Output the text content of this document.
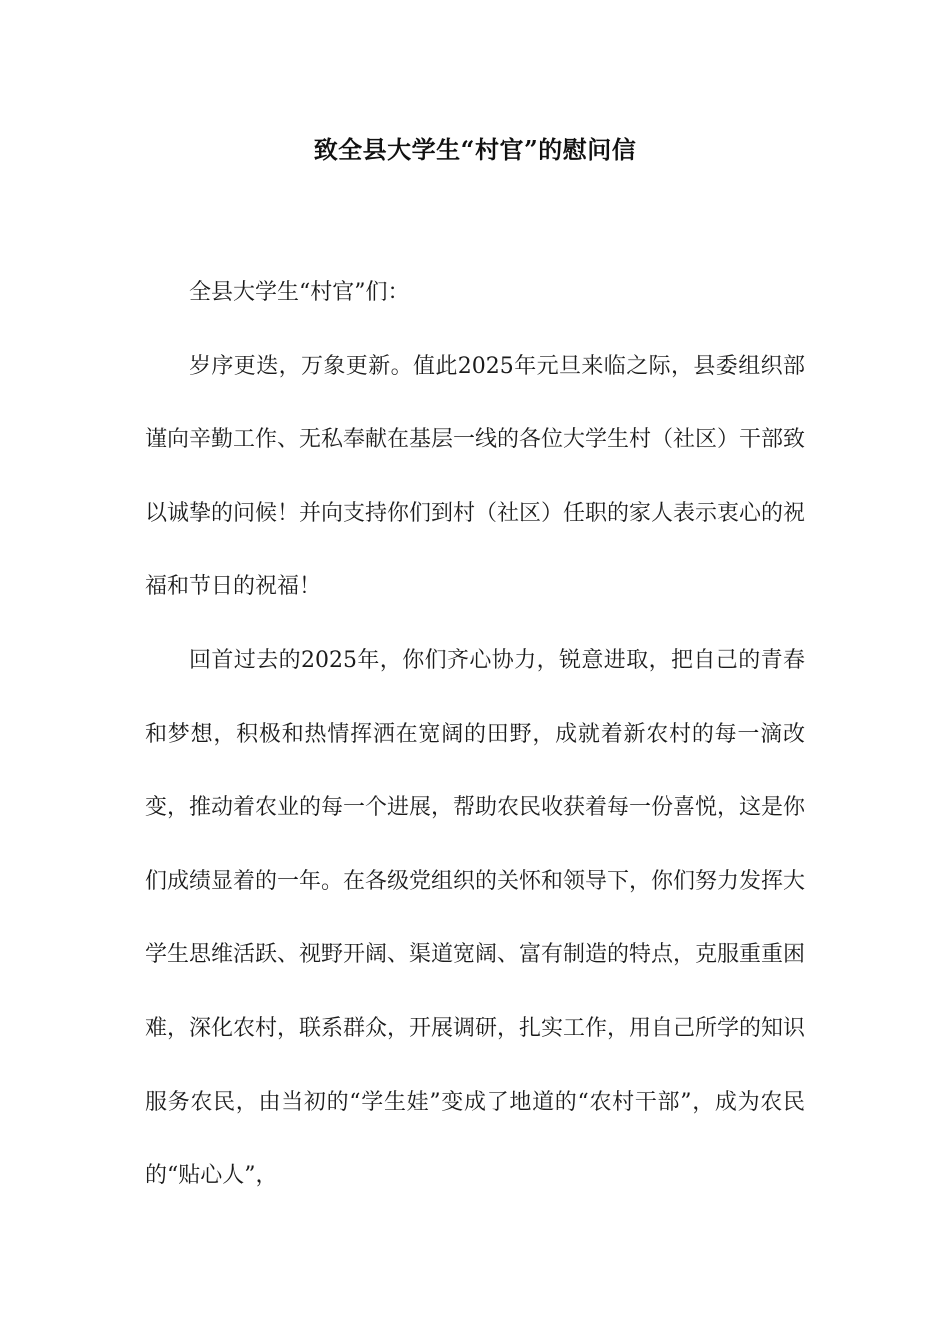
致全县大学生“村官”的慰问信

全县大学生“村官”们：

岁序更迭，万象更新。值此2025年元旦来临之际，县委组织部谨向辛勤工作、无私奉献在基层一线的各位大学生村（社区）干部致以诚挚的问候！并向支持你们到村（社区）任职的家人表示衷心的祝福和节日的祝福！

回首过去的2025年，你们齐心协力，锐意进取，把自己的青春和梦想，积极和热情挥洒在宽阔的田野，成就着新农村的每一滴改变，推动着农业的每一个进展，帮助农民收获着每一份喜悦，这是你们成绩显着的一年。在各级党组织的关怀和领导下，你们努力发挥大学生思维活跃、视野开阔、渠道宽阔、富有制造的特点，克服重重困难，深化农村，联系群众，开展调研，扎实工作，用自己所学的知识服务农民，由当初的“学生娃”变成了地道的“农村干部”，成为农民的“贴心人”，
